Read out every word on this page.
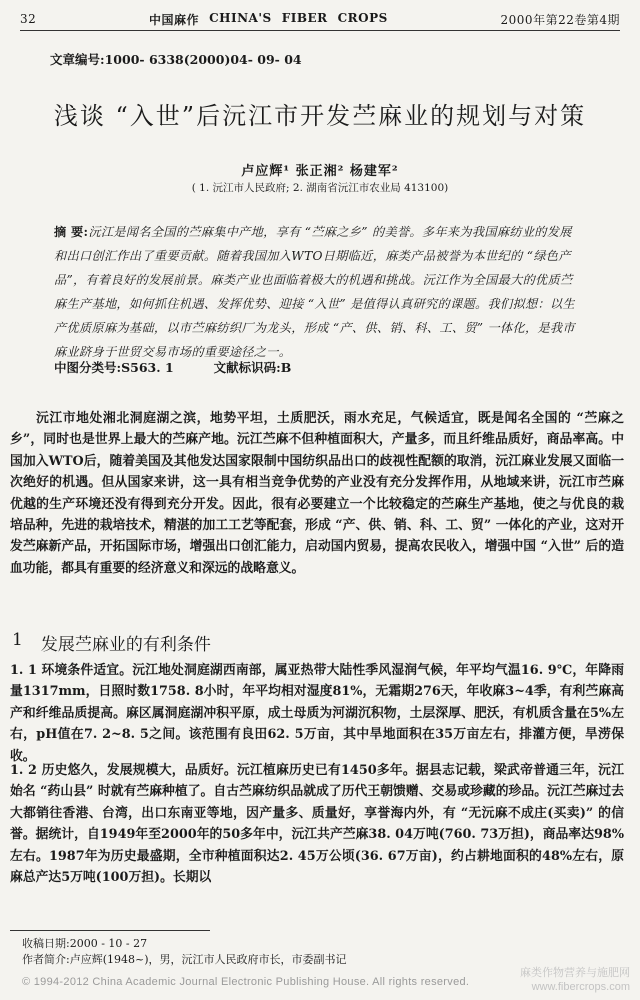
32	中国麻作 CHINA'S FIBER CROPS	2000年第22卷第4期
文章编号:1000- 6338(2000)04- 09- 04
浅谈 “入世”后沅江市开发苎麻业的规划与对策
卢应辉¹ 张正湘² 杨建军²
( 1. 沅江市人民政府; 2. 湖南省沅江市农业局 413100)
摘 要:沅江是闻名全国的苎麻集中产地，享有 “苎麻之乡” 的美誉。多年来为我国麻纺业的发展和出口创汇作出了重要贡献。随着我国加入WTO日期临近，麻类产品被誉为本世纪的 “绿色产品”，有着良好的发展前景。麻类产业也面临着极大的机遇和挑战。沅江作为全国最大的优质苎麻生产基地，如何抓住机遇、发挥优势、迎接 “入世” 是值得认真研究的课题。我们拟想：以生产优质原麻为基础，以市苎麻纺织厂为龙头，形成 “产、供、销、科、工、贸” 一体化，是我市麻业跻身于世贸交易市场的重要途径之一。
中图分类号:S563. 1	文献标识码:B
沅江市地处湘北洞庭湖之滨，地势平坦，土质肥沃，雨水充足，气候适宜，既是闻名全国的 “苎麻之乡”，同时也是世界上最大的苎麻产地。沅江苎麻不但种植面积大，产量多，而且纤维品质好，商品率高。中国加入WTO后，随着美国及其他发达国家限制中国纺织品出口的歧视性配额的取消，沅江麻业发展又面临一次绝好的机遇。但从国家来讲，这一具有相当竞争优势的产业没有充分发挥作用，从地域来讲，沅江市苎麻优越的生产环境还没有得到充分开发。因此，很有必要建立一个比较稳定的苎麻生产基地，使之与优良的栽培品种，先进的栽培技术，精湛的加工工艺等配套，形成 “产、供、销、科、工、贸” 一体化的产业，这对开发苎麻新产品，开拓国际市场，增强出口创汇能力，启动国内贸易，提高农民收入，增强中国 “入世” 后的造血功能，都具有重要的经济意义和深远的战略意义。
1 发展苎麻业的有利条件
1. 1 环境条件适宜。沅江地处洞庭湖西南部，属亚热带大陆性季风湿润气候，年平均气温16. 9℃，年降雨量1317mm，日照时数1758. 8小时，年平均相对湿度81%，无霜期276天，年收麻3~4季，有利苎麻高产和纤维品质提高。麻区属洞庭湖冲积平原，成土母质为河湖沉积物，土层深厚、肥沃，有机质含量在5%左右，pH值在7. 2~8. 5之间。该范围有良田62. 5万亩，其中旱地面积在35万亩左右，排灌方便，旱涝保收。
1. 2 历史悠久，发展规模大，品质好。沅江植麻历史已有1450多年。据县志记载，梁武帝普通三年，沅江始名 “药山县” 时就有苎麻种植了。自古苎麻纺织品就成了历代王朝馈赠、交易或珍藏的珍品。沅江苎麻过去大都销往香港、台湾，出口东南亚等地，因产量多、质量好，享誉海内外，有 “无沅麻不成庄(买卖)” 的信誉。据统计，自1949年至2000年的50多年中，沅江共产苎麻38. 04万吨(760. 73万担)，商品率达98%左右。1987年为历史最盛期，全市种植面积达2. 45万公顷(36. 67万亩)，约占耕地面积的48%左右，原麻总产达5万吨(100万担)。长期以
收稿日期:2000 - 10 - 27
作者简介:卢应辉(1948~)，男，沅江市人民政府市长，市委副书记
© 1994-2012 China Academic Journal Electronic Publishing House. All rights reserved.
麻类作物营养与施肥网
www.fibercrops.com
